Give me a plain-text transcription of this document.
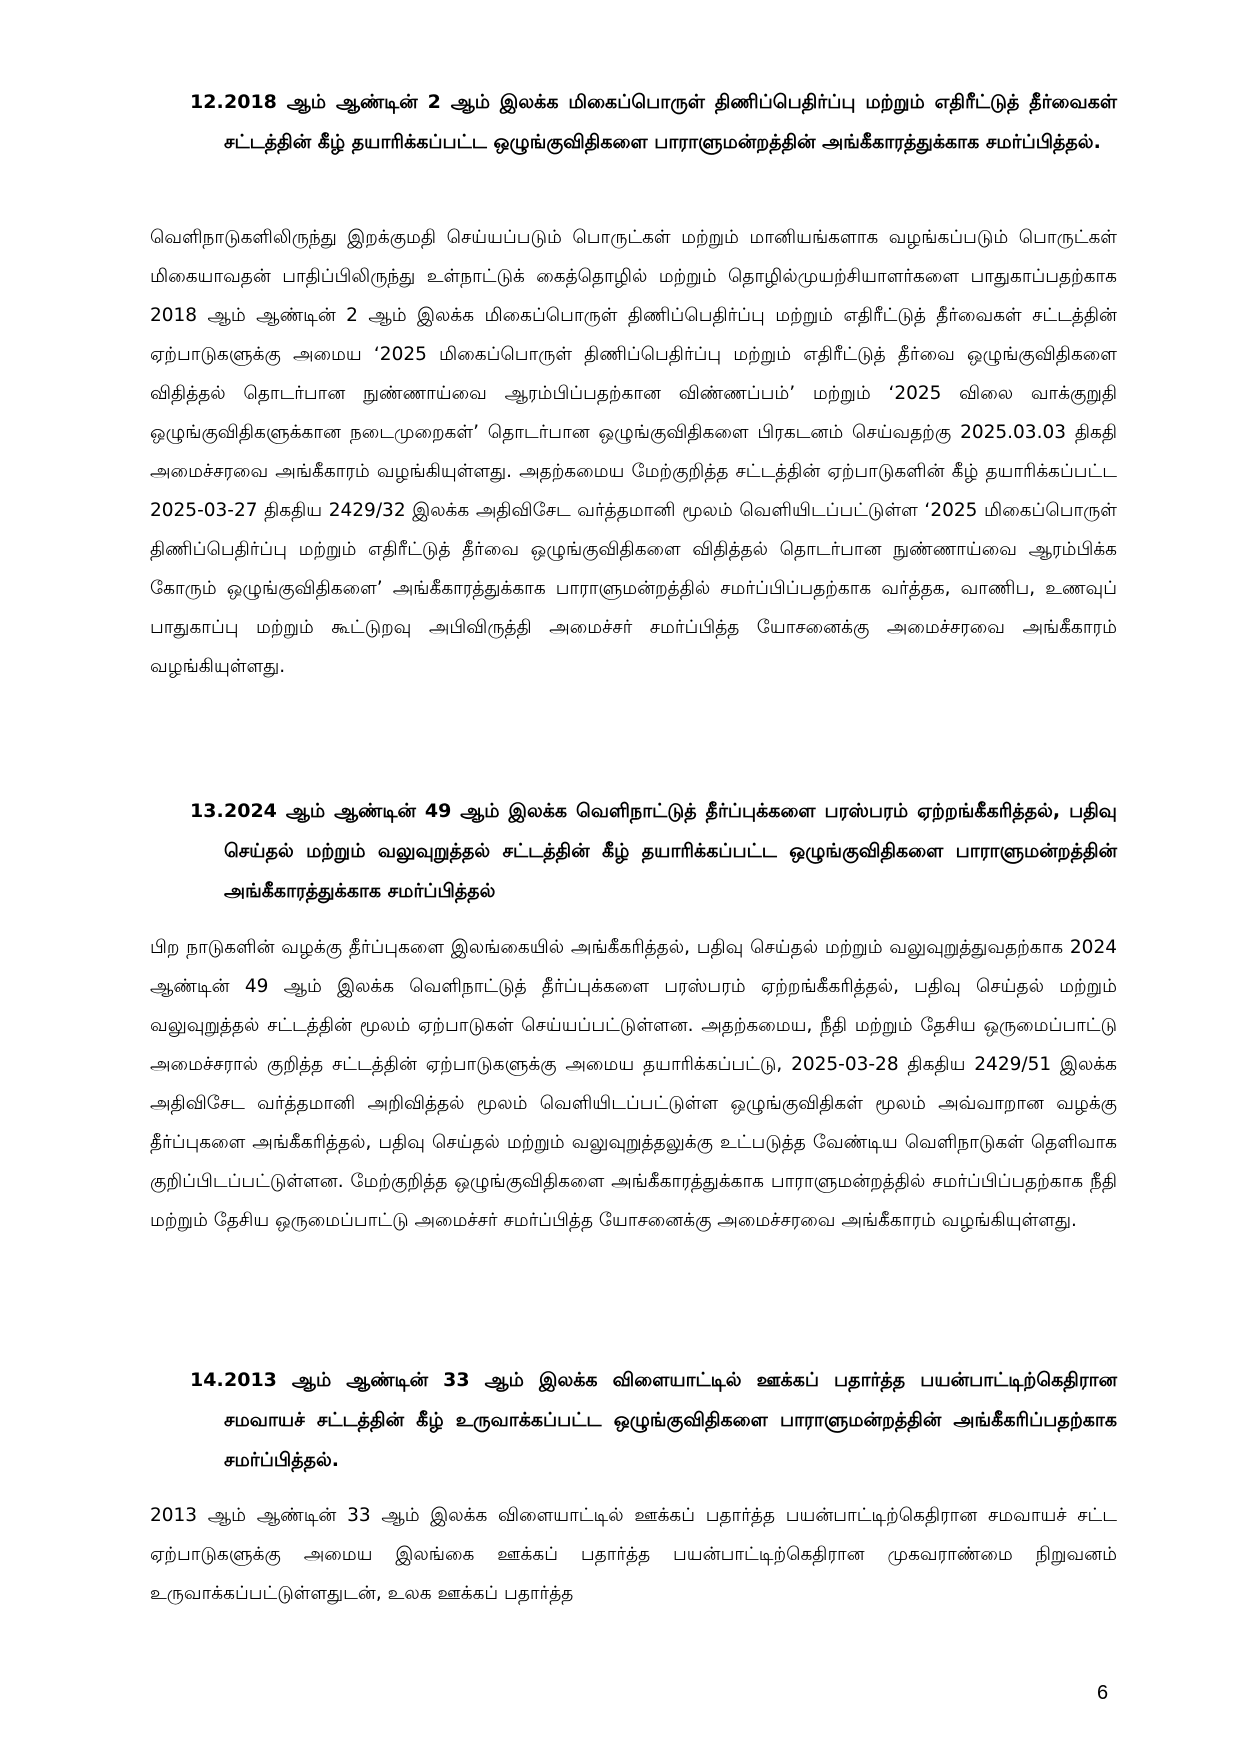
12. 2018 ஆம் ஆண்டின் 2 ஆம் இலக்க மிகைப்பொருள் திணிப்பெதிர்ப்பு மற்றும் எதிரீட்டுத் தீர்வைகள் சட்டத்தின் கீழ் தயாரிக்கப்பட்ட ஒழுங்குவிதிகளை பாராளுமன்றத்தின் அங்கீகாரத்துக்காக சமர்ப்பித்தல்.
வெளிநாடுகளிலிருந்து இறக்குமதி செய்யப்படும் பொருட்கள் மற்றும் மானியங்களாக வழங்கப்படும் பொருட்கள் மிகையாவதன் பாதிப்பிலிருந்து உள்நாட்டுக் கைத்தொழில் மற்றும் தொழில்முயற்சியாளர்களை பாதுகாப்பதற்காக 2018 ஆம் ஆண்டின் 2 ஆம் இலக்க மிகைப்பொருள் திணிப்பெதிர்ப்பு மற்றும் எதிரீட்டுத் தீர்வைகள் சட்டத்தின் ஏற்பாடுகளுக்கு அமைய ‘2025 மிகைப்பொருள் திணிப்பெதிர்ப்பு மற்றும் எதிரீட்டுத் தீர்வை ஒழுங்குவிதிகளை விதித்தல் தொடர்பான நுண்ணாய்வை ஆரம்பிப்பதற்கான விண்ணப்பம்’ மற்றும் ‘2025 விலை வாக்குறுதி ஒழுங்குவிதிகளுக்கான நடைமுறைகள்’ தொடர்பான ஒழுங்குவிதிகளை பிரகடனம் செய்வதற்கு 2025.03.03 திகதி அமைச்சரவை அங்கீகாரம் வழங்கியுள்ளது. அதற்கமைய மேற்குறித்த சட்டத்தின் ஏற்பாடுகளின் கீழ் தயாரிக்கப்பட்ட 2025-03-27 திகதிய 2429/32 இலக்க அதிவிசேட வர்த்தமானி மூலம் வெளியிடப்பட்டுள்ள ‘2025 மிகைப்பொருள் திணிப்பெதிர்ப்பு மற்றும் எதிரீட்டுத் தீர்வை ஒழுங்குவிதிகளை விதித்தல் தொடர்பான நுண்ணாய்வை ஆரம்பிக்க கோரும் ஒழுங்குவிதிகளை’ அங்கீகாரத்துக்காக பாராளுமன்றத்தில் சமர்ப்பிப்பதற்காக வர்த்தக, வாணிப, உணவுப் பாதுகாப்பு மற்றும் கூட்டுறவு அபிவிருத்தி அமைச்சர் சமர்ப்பித்த யோசனைக்கு அமைச்சரவை அங்கீகாரம் வழங்கியுள்ளது.
13. 2024 ஆம் ஆண்டின் 49 ஆம் இலக்க வெளிநாட்டுத் தீர்ப்புக்களை பரஸ்பரம் ஏற்றங்கீகரித்தல், பதிவு செய்தல் மற்றும் வலுவுறுத்தல் சட்டத்தின் கீழ் தயாரிக்கப்பட்ட ஒழுங்குவிதிகளை பாராளுமன்றத்தின் அங்கீகாரத்துக்காக சமர்ப்பித்தல்
பிற நாடுகளின் வழக்கு தீர்ப்புகளை இலங்கையில் அங்கீகரித்தல், பதிவு செய்தல் மற்றும் வலுவுறுத்துவதற்காக 2024 ஆண்டின் 49 ஆம் இலக்க வெளிநாட்டுத் தீர்ப்புக்களை பரஸ்பரம் ஏற்றங்கீகரித்தல், பதிவு செய்தல் மற்றும் வலுவுறுத்தல் சட்டத்தின் மூலம் ஏற்பாடுகள் செய்யப்பட்டுள்ளன. அதற்கமைய, நீதி மற்றும் தேசிய ஒருமைப்பாட்டு அமைச்சரால் குறித்த சட்டத்தின் ஏற்பாடுகளுக்கு அமைய தயாரிக்கப்பட்டு, 2025-03-28 திகதிய 2429/51 இலக்க அதிவிசேட வர்த்தமானி அறிவித்தல் மூலம் வெளியிடப்பட்டுள்ள ஒழுங்குவிதிகள் மூலம் அவ்வாறான வழக்கு தீர்ப்புகளை அங்கீகரித்தல், பதிவு செய்தல் மற்றும் வலுவுறுத்தலுக்கு உட்படுத்த வேண்டிய வெளிநாடுகள் தெளிவாக குறிப்பிடப்பட்டுள்ளன. மேற்குறித்த ஒழுங்குவிதிகளை அங்கீகாரத்துக்காக பாராளுமன்றத்தில் சமர்ப்பிப்பதற்காக நீதி மற்றும் தேசிய ஒருமைப்பாட்டு அமைச்சர் சமர்ப்பித்த யோசனைக்கு அமைச்சரவை அங்கீகாரம் வழங்கியுள்ளது.
14. 2013 ஆம் ஆண்டின் 33 ஆம் இலக்க விளையாட்டில் ஊக்கப் பதார்த்த பயன்பாட்டிற்கெதிரான சமவாயச் சட்டத்தின் கீழ் உருவாக்கப்பட்ட ஒழுங்குவிதிகளை பாராளுமன்றத்தின் அங்கீகரிப்பதற்காக சமர்ப்பித்தல்.
2013 ஆம் ஆண்டின் 33 ஆம் இலக்க விளையாட்டில் ஊக்கப் பதார்த்த பயன்பாட்டிற்கெதிரான சமவாயச் சட்ட ஏற்பாடுகளுக்கு அமைய இலங்கை ஊக்கப் பதார்த்த பயன்பாட்டிற்கெதிரான முகவராண்மை நிறுவனம் உருவாக்கப்பட்டுள்ளதுடன், உலக ஊக்கப் பதார்த்த
6
